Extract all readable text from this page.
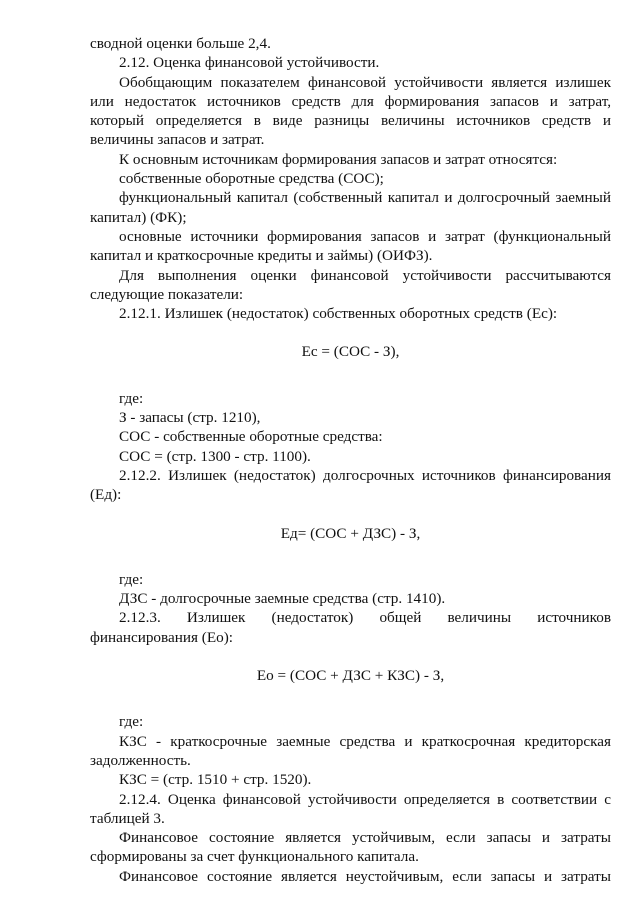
сводной оценки больше 2,4.

2.12. Оценка финансовой устойчивости.

Обобщающим показателем финансовой устойчивости является излишек или недостаток источников средств для формирования запасов и затрат, который определяется в виде разницы величины источников средств и величины запасов и затрат.

К основным источникам формирования запасов и затрат относятся:

собственные оборотные средства (СОС);

функциональный капитал (собственный капитал и долгосрочный заемный капитал) (ФК);

основные источники формирования запасов и затрат (функциональный капитал и краткосрочные кредиты и займы) (ОИФЗ).

Для выполнения оценки финансовой устойчивости рассчитываются следующие показатели:

2.12.1. Излишек (недостаток) собственных оборотных средств (Ес):

Ес = (СОС - З),

где:

З - запасы (стр. 1210),

СОС - собственные оборотные средства:

СОС = (стр. 1300 - стр. 1100).

2.12.2. Излишек (недостаток) долгосрочных источников финансирования (Ед):

Ед= (СОС + ДЗС) - З,

где:

ДЗС - долгосрочные заемные средства (стр. 1410).

2.12.3. Излишек (недостаток) общей величины источников финансирования (Ео):

Ео = (СОС + ДЗС + КЗС) - З,

где:

КЗС - краткосрочные заемные средства и краткосрочная кредиторская задолженность.

КЗС = (стр. 1510 + стр. 1520).

2.12.4. Оценка финансовой устойчивости определяется в соответствии с таблицей 3.

Финансовое состояние является устойчивым, если запасы и затраты сформированы за счет функционального капитала.

Финансовое состояние является неустойчивым, если запасы и затраты
